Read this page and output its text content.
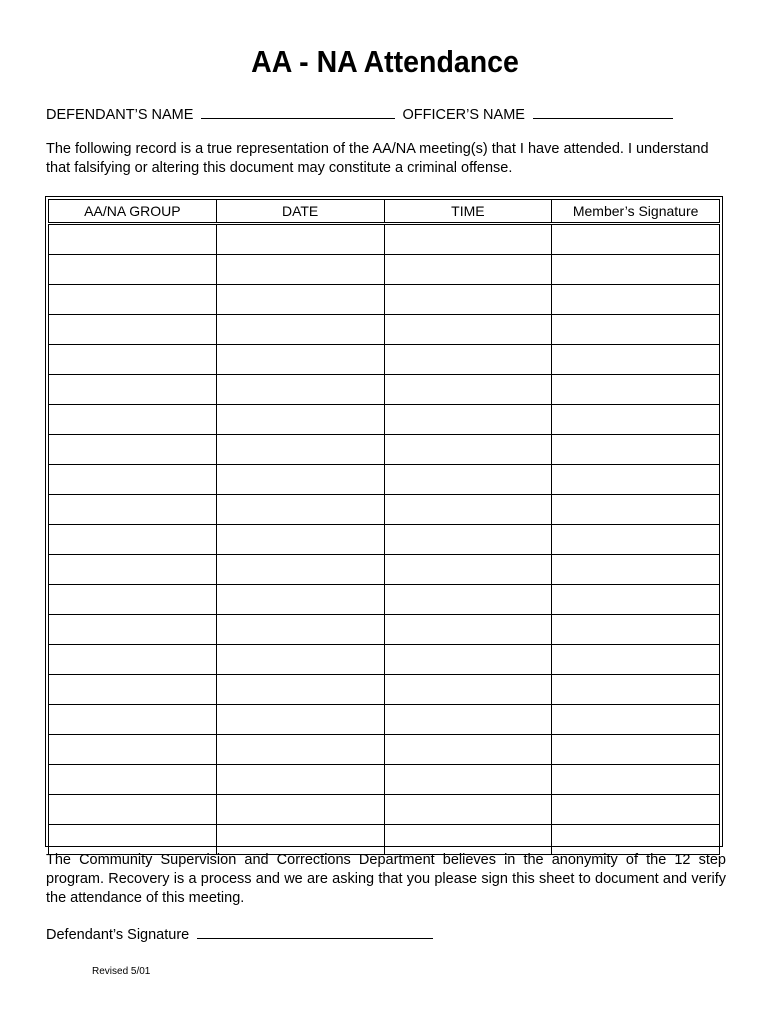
AA - NA Attendance
DEFENDANT’S NAME	OFFICER’S NAME
The following record is a true representation of the AA/NA meeting(s) that I have attended. I understand that falsifying or altering this document may constitute a criminal offense.
AA/NA GROUP	DATE	TIME	Member’s Signature

The Community Supervision and Corrections Department believes in the anonymity of the 12 step program. Recovery is a process and we are asking that you please sign this sheet to document and verify the attendance of this meeting.
Defendant’s Signature
Revised 5/01
